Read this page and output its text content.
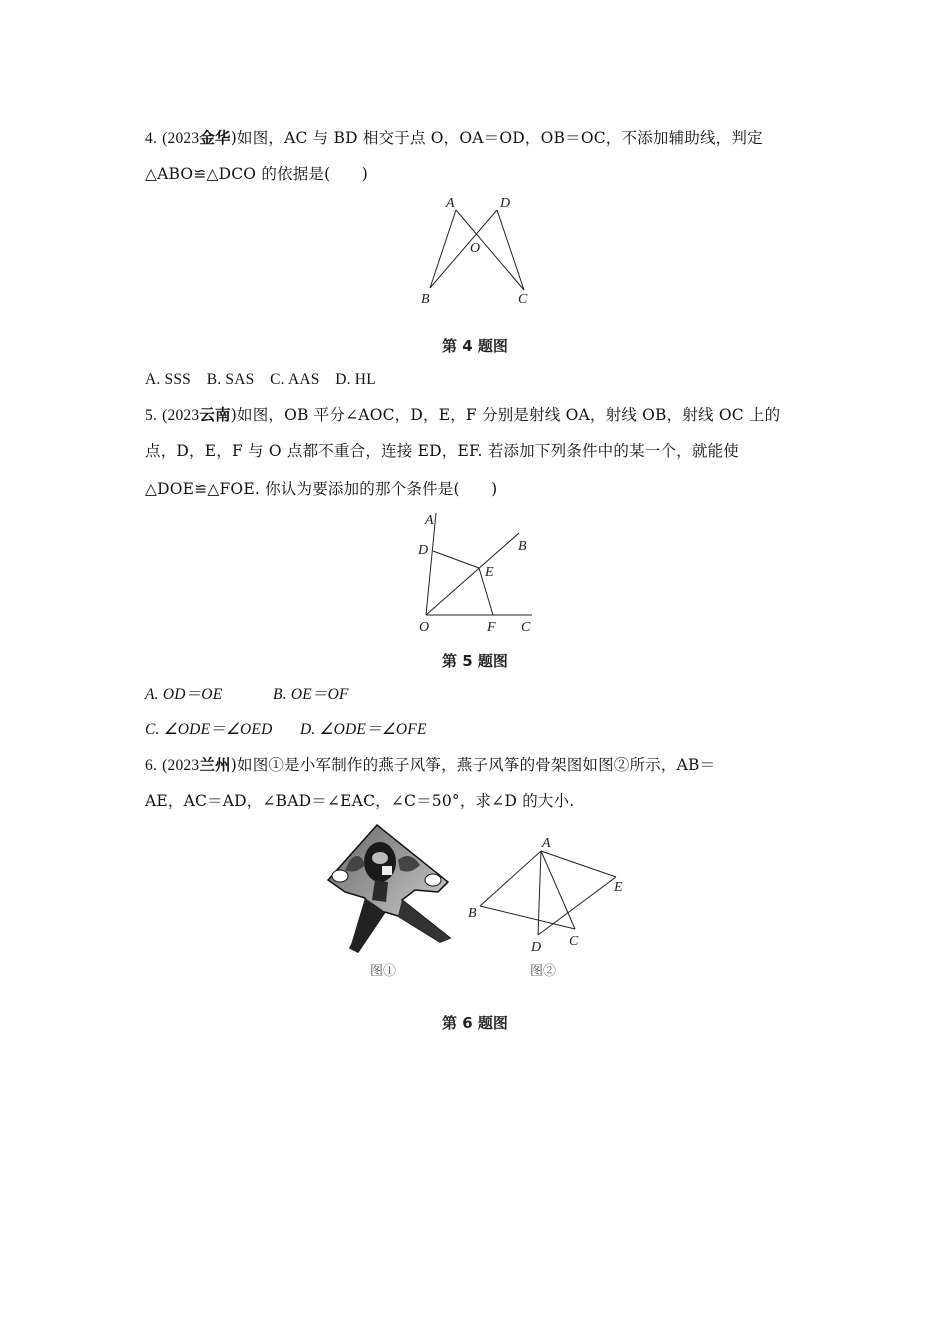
4. (2023金华)如图，AC 与 BD 相交于点 O，OA＝OD，OB＝OC，不添加辅助线，判定
△ABO≌△DCO 的依据是(　　)
A	D
O
B	C
第 4 题图
A. SSS　B. SAS　C. AAS　D. HL
5. (2023云南)如图，OB 平分∠AOC，D，E，F 分别是射线 OA，射线 OB，射线 OC 上的
点，D，E，F 与 O 点都不重合，连接 ED，EF. 若添加下列条件中的某一个，就能使
△DOE≌△FOE. 你认为要添加的那个条件是(　　)
A
D	B
E
O	F C
第 5 题图
A. OD＝OE	B. OE＝OF
C. ∠ODE＝∠OED D. ∠ODE＝∠OFE
6. (2023兰州)如图①是小军制作的燕子风筝，燕子风筝的骨架图如图②所示，AB＝
AE，AC＝AD，∠BAD＝∠EAC，∠C＝50°，求∠D 的大小.
图①
A
B
E
D C
图②
第 6 题图
